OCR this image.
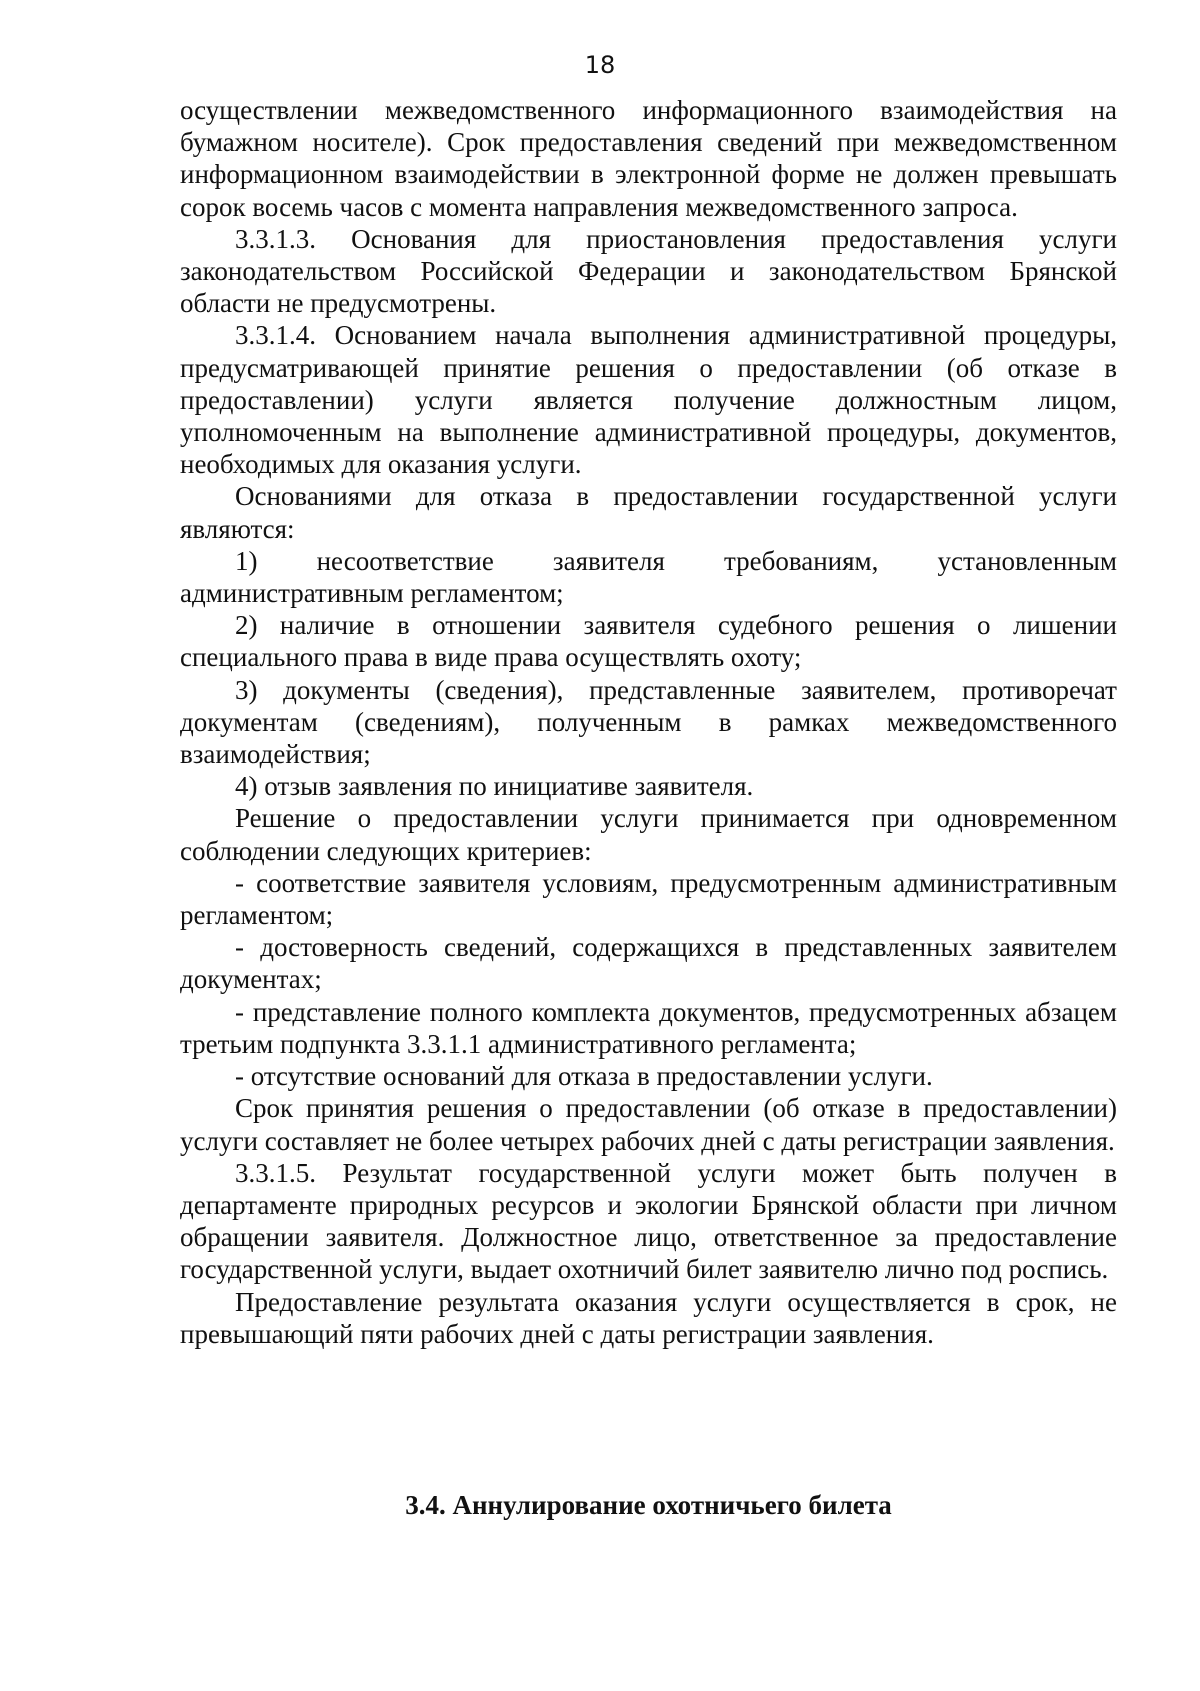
18

осуществлении межведомственного информационного взаимодействия на бумажном носителе). Срок предоставления сведений при межведомственном информационном взаимодействии в электронной форме не должен превышать сорок восемь часов с момента направления межведомственного запроса.

3.3.1.3. Основания для приостановления предоставления услуги законодательством Российской Федерации и законодательством Брянской области не предусмотрены.

3.3.1.4. Основанием начала выполнения административной процедуры, предусматривающей принятие решения о предоставлении (об отказе в предоставлении) услуги является получение должностным лицом, уполномоченным на выполнение административной процедуры, документов, необходимых для оказания услуги.

Основаниями для отказа в предоставлении государственной услуги являются:

1) несоответствие заявителя требованиям, установленным административным регламентом;

2) наличие в отношении заявителя судебного решения о лишении специального права в виде права осуществлять охоту;

3) документы (сведения), представленные заявителем, противоречат документам (сведениям), полученным в рамках межведомственного взаимодействия;

4) отзыв заявления по инициативе заявителя.

Решение о предоставлении услуги принимается при одновременном соблюдении следующих критериев:

- соответствие заявителя условиям, предусмотренным административным регламентом;

- достоверность сведений, содержащихся в представленных заявителем документах;

- представление полного комплекта документов, предусмотренных абзацем третьим подпункта 3.3.1.1 административного регламента;

- отсутствие оснований для отказа в предоставлении услуги.

Срок принятия решения о предоставлении (об отказе в предоставлении) услуги составляет не более четырех рабочих дней с даты регистрации заявления.

3.3.1.5. Результат государственной услуги может быть получен в департаменте природных ресурсов и экологии Брянской области при личном обращении заявителя. Должностное лицо, ответственное за предоставление государственной услуги, выдает охотничий билет заявителю лично под роспись.

Предоставление результата оказания услуги осуществляется в срок, не превышающий пяти рабочих дней с даты регистрации заявления.

3.4. Аннулирование охотничьего билета
